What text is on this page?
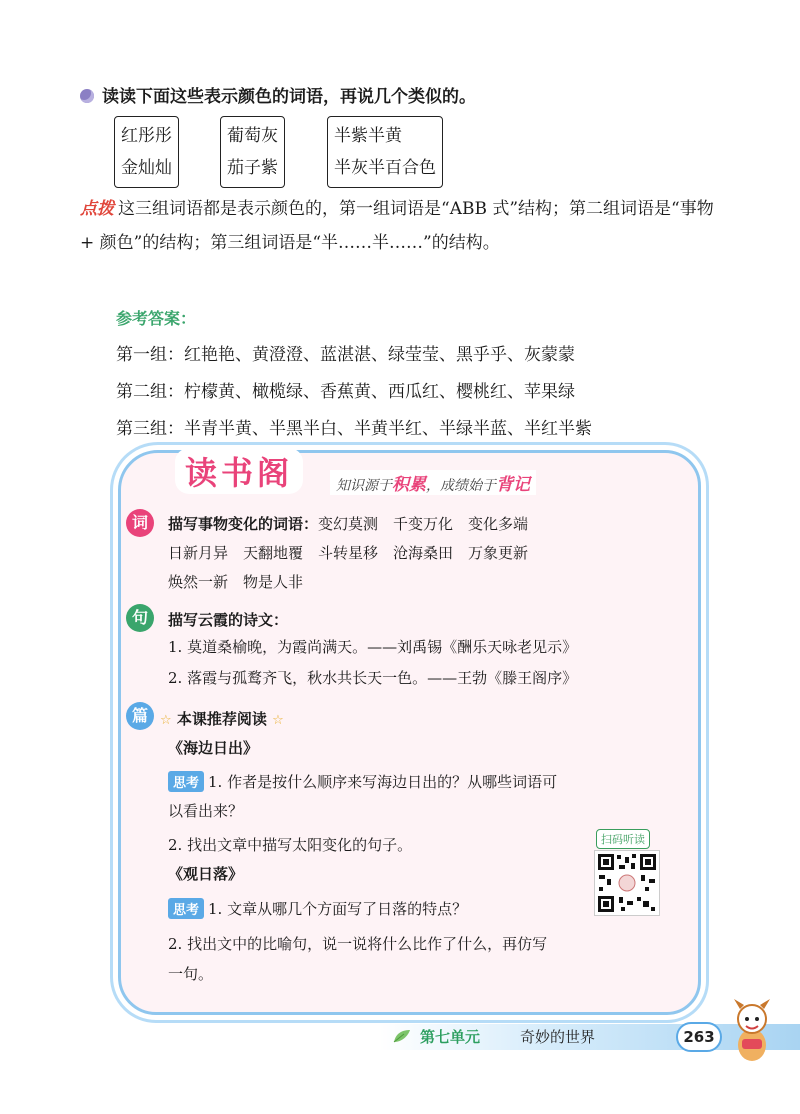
读读下面这些表示颜色的词语，再说几个类似的。
红彤彤
金灿灿
葡萄灰
茄子紫
半紫半黄
半灰半百合色
点拨 这三组词语都是表示颜色的，第一组词语是“ABB 式”结构；第二组词语是“事物 + 颜色”的结构；第三组词语是“半……半……”的结构。
参考答案：
第一组：红艳艳、黄澄澄、蓝湛湛、绿莹莹、黑乎乎、灰蒙蒙
第二组：柠檬黄、橄榄绿、香蕉黄、西瓜红、樱桃红、苹果绿
第三组：半青半黄、半黑半白、半黄半红、半绿半蓝、半红半紫
读书阁	知识源于积累，成绩始于背记
词	描写事物变化的词语：变幻莫测　千变万化　变化多端
日新月异　天翻地覆　斗转星移　沧海桑田　万象更新
焕然一新　物是人非
句	描写云霞的诗文：
1. 莫道桑榆晚，为霞尚满天。——刘禹锡《酬乐天咏老见示》
2. 落霞与孤鹜齐飞，秋水共长天一色。——王勃《滕王阁序》
篇 ☆ 本课推荐阅读 ☆
《海边日出》
思考 1. 作者是按什么顺序来写海边日出的？从哪些词语可
以看出来？
2. 找出文章中描写太阳变化的句子。
《观日落》
思考 1. 文章从哪几个方面写了日落的特点？
2. 找出文中的比喻句，说一说将什么比作了什么，再仿写
一句。
扫码听读
第七单元	奇妙的世界	263
